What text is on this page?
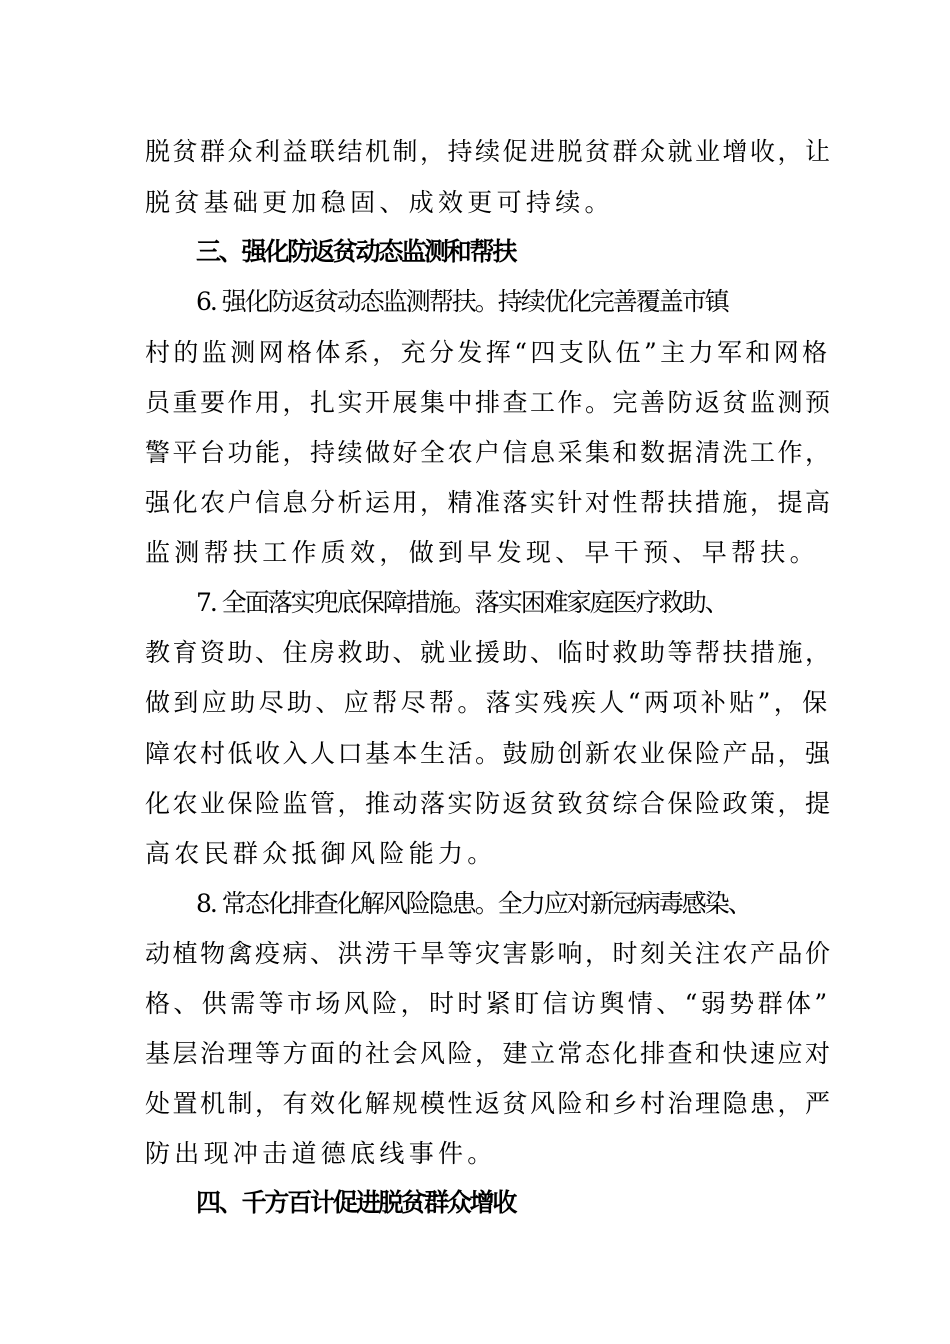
脱贫群众利益联结机制，持续促进脱贫群众就业增收，让
脱贫基础更加稳固、成效更可持续。
三、强化防返贫动态监测和帮扶
6. 强化防返贫动态监测帮扶。持续优化完善覆盖市镇
村的监测网格体系，充分发挥“四支队伍”主力军和网格
员重要作用，扎实开展集中排查工作。完善防返贫监测预
警平台功能，持续做好全农户信息采集和数据清洗工作，
强化农户信息分析运用，精准落实针对性帮扶措施，提高
监测帮扶工作质效，做到早发现、早干预、早帮扶。
7. 全面落实兜底保障措施。落实困难家庭医疗救助、
教育资助、住房救助、就业援助、临时救助等帮扶措施，
做到应助尽助、应帮尽帮。落实残疾人“两项补贴”，保
障农村低收入人口基本生活。鼓励创新农业保险产品，强
化农业保险监管，推动落实防返贫致贫综合保险政策，提
高农民群众抵御风险能力。
8. 常态化排查化解风险隐患。全力应对新冠病毒感染、
动植物禽疫病、洪涝干旱等灾害影响，时刻关注农产品价
格、供需等市场风险，时时紧盯信访舆情、“弱势群体”
基层治理等方面的社会风险，建立常态化排查和快速应对
处置机制，有效化解规模性返贫风险和乡村治理隐患，严
防出现冲击道德底线事件。
四、千方百计促进脱贫群众增收
